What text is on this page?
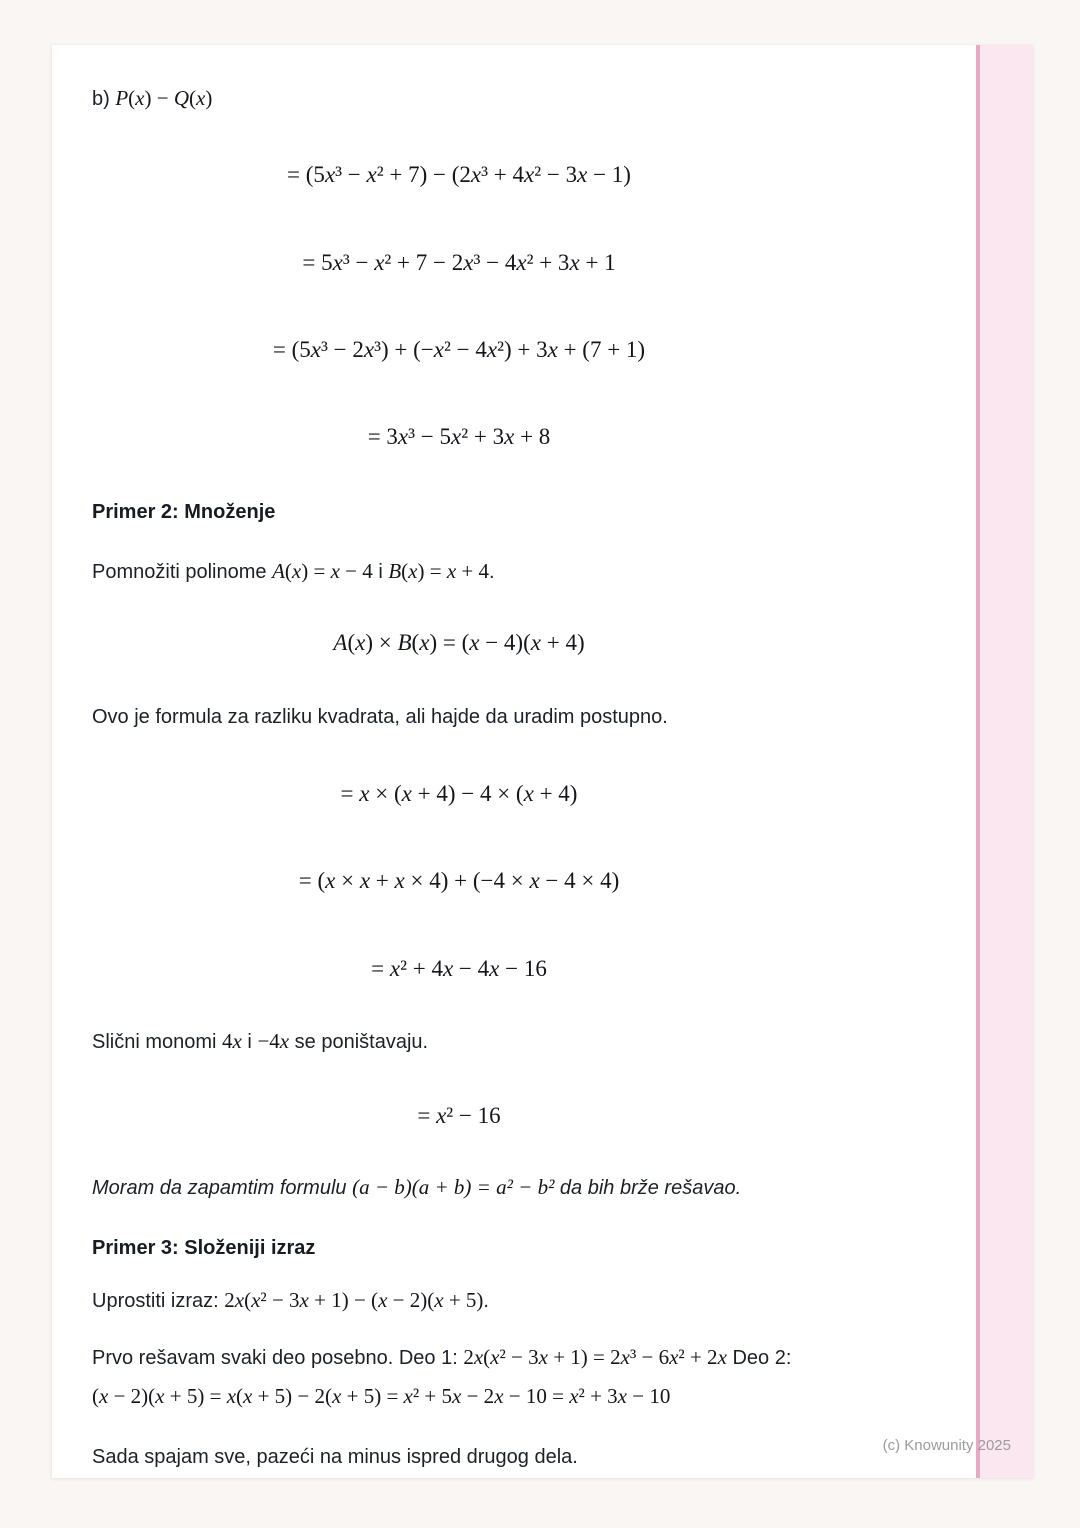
b) P(x) − Q(x)
= (5x³ − x² + 7) − (2x³ + 4x² − 3x − 1)
= 5x³ − x² + 7 − 2x³ − 4x² + 3x + 1
= (5x³ − 2x³) + (−x² − 4x²) + 3x + (7 + 1)
= 3x³ − 5x² + 3x + 8
Primer 2: Množenje
Pomnožiti polinome A(x) = x − 4 i B(x) = x + 4.
A(x) × B(x) = (x − 4)(x + 4)
Ovo je formula za razliku kvadrata, ali hajde da uradim postupno.
= x × (x + 4) − 4 × (x + 4)
= (x × x + x × 4) + (−4 × x − 4 × 4)
= x² + 4x − 4x − 16
Slični monomi 4x i −4x se poništavaju.
= x² − 16
Moram da zapamtim formulu (a − b)(a + b) = a² − b² da bih brže rešavao.
Primer 3: Složeniji izraz
Uprostiti izraz: 2x(x² − 3x + 1) − (x − 2)(x + 5).
Prvo rešavam svaki deo posebno. Deo 1: 2x(x² − 3x + 1) = 2x³ − 6x² + 2x Deo 2:
(x − 2)(x + 5) = x(x + 5) − 2(x + 5) = x² + 5x − 2x − 10 = x² + 3x − 10
Sada spajam sve, pazeći na minus ispred drugog dela.
(c) Knowunity 2025
